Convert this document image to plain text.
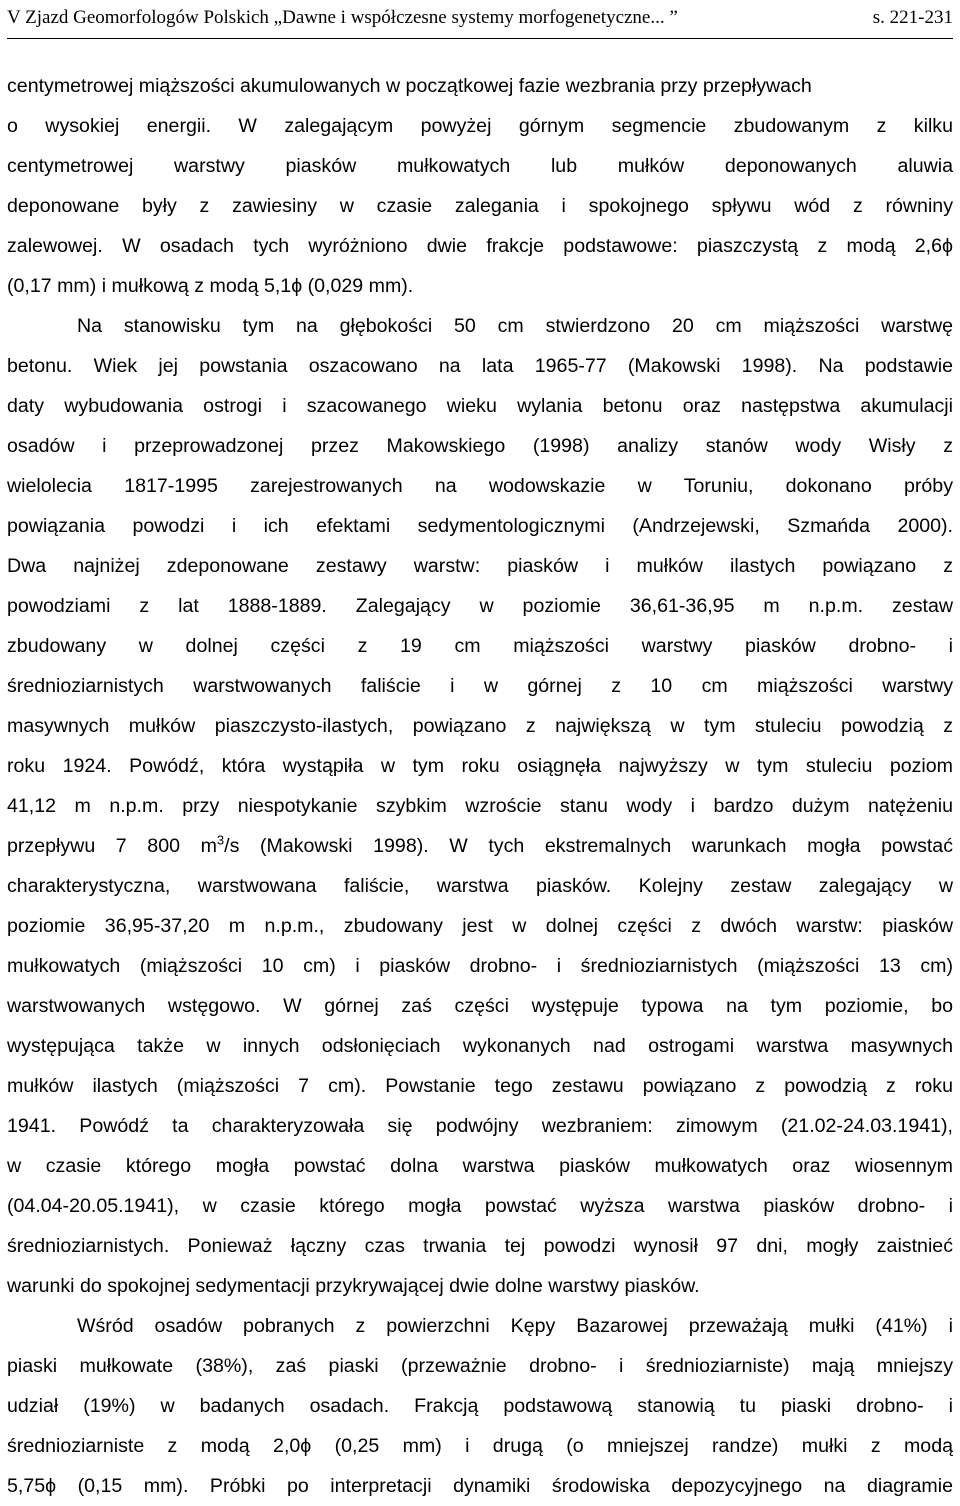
V Zjazd Geomorfologów Polskich „Dawne i współczesne systemy morfogenetyczne... ”	s. 221-231
centymetrowej miąższości akumulowanych w początkowej fazie wezbrania przy przepływach
o wysokiej energii. W zalegającym powyżej górnym segmencie zbudowanym z kilku
centymetrowej warstwy piasków mułkowatych lub mułków deponowanych aluwia
deponowane były z zawiesiny w czasie zalegania i spokojnego spływu wód z równiny
zalewowej. W osadach tych wyróżniono dwie frakcje podstawowe: piaszczystą z modą 2,6ϕ
(0,17 mm) i mułkową z modą 5,1ϕ (0,029 mm).
Na stanowisku tym na głębokości 50 cm stwierdzono 20 cm miąższości warstwę
betonu. Wiek jej powstania oszacowano na lata 1965-77 (Makowski 1998). Na podstawie
daty wybudowania ostrogi i szacowanego wieku wylania betonu oraz następstwa akumulacji
osadów i przeprowadzonej przez Makowskiego (1998) analizy stanów wody Wisły z
wielolecia 1817-1995 zarejestrowanych na wodowskazie w Toruniu, dokonano próby
powiązania powodzi i ich efektami sedymentologicznymi (Andrzejewski, Szmańda 2000).
Dwa najniżej zdeponowane zestawy warstw: piasków i mułków ilastych powiązano z
powodziami z lat 1888-1889. Zalegający w poziomie 36,61-36,95 m n.p.m. zestaw
zbudowany w dolnej części z 19 cm miąższości warstwy piasków drobno- i
średnioziarnistych warstwowanych faliście i w górnej z 10 cm miąższości warstwy
masywnych mułków piaszczysto-ilastych, powiązano z największą w tym stuleciu powodzią z
roku 1924. Powódź, która wystąpiła w tym roku osiągnęła najwyższy w tym stuleciu poziom
41,12 m n.p.m. przy niespotykanie szybkim wzroście stanu wody i bardzo dużym natężeniu
przepływu 7 800 $m^3/s$ (Makowski 1998). W tych ekstremalnych warunkach mogła powstać
charakterystyczna, warstwowana faliście, warstwa piasków. Kolejny zestaw zalegający w
poziomie 36,95-37,20 m n.p.m., zbudowany jest w dolnej części z dwóch warstw: piasków
mułkowatych (miąższości 10 cm) i piasków drobno- i średnioziarnistych (miąższości 13 cm)
warstwowanych wstęgowo. W górnej zaś części występuje typowa na tym poziomie, bo
występująca także w innych odsłonięciach wykonanych nad ostrogami warstwa masywnych
mułków ilastych (miąższości 7 cm). Powstanie tego zestawu powiązano z powodzią z roku
1941. Powódź ta charakteryzowała się podwójny wezbraniem: zimowym (21.02-24.03.1941),
w czasie którego mogła powstać dolna warstwa piasków mułkowatych oraz wiosennym
(04.04-20.05.1941), w czasie którego mogła powstać wyższa warstwa piasków drobno- i
średnioziarnistych. Ponieważ łączny czas trwania tej powodzi wynosił 97 dni, mogły zaistnieć
warunki do spokojnej sedymentacji przykrywającej dwie dolne warstwy piasków.
Wśród osadów pobranych z powierzchni Kępy Bazarowej przeważają mułki (41%) i
piaski mułkowate (38%), zaś piaski (przeważnie drobno- i średnioziarniste) mają mniejszy
udział (19%) w badanych osadach. Frakcją podstawową stanowią tu piaski drobno- i
średnioziarniste z modą 2,0ϕ (0,25 mm) i drugą (o mniejszej randze) mułki z modą
5,75ϕ (0,15 mm). Próbki po interpretacji dynamiki środowiska depozycyjnego na diagramie
